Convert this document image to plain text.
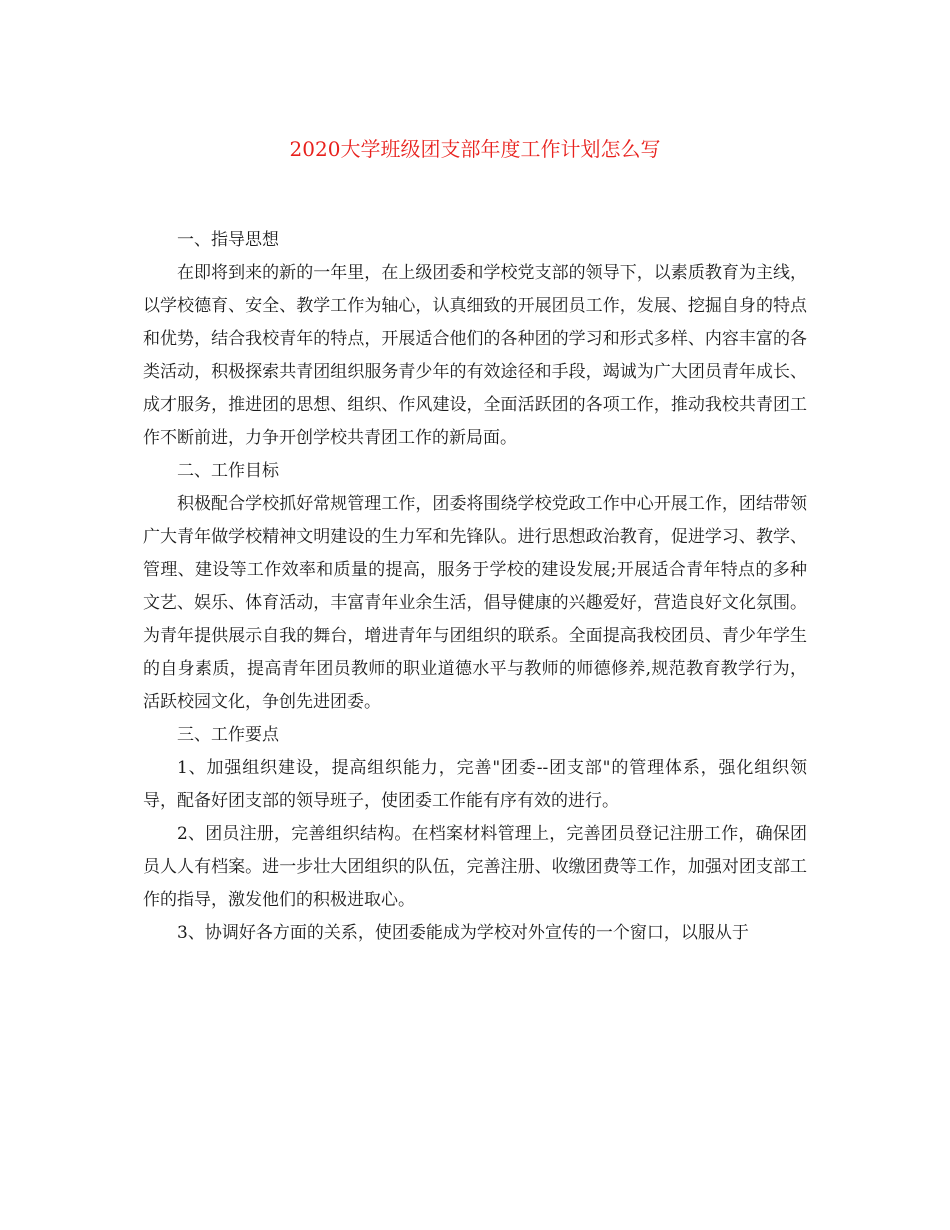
2020大学班级团支部年度工作计划怎么写

一、指导思想

在即将到来的新的一年里，在上级团委和学校党支部的领导下，以素质教育为主线，以学校德育、安全、教学工作为轴心，认真细致的开展团员工作，发展、挖掘自身的特点和优势，结合我校青年的特点，开展适合他们的各种团的学习和形式多样、内容丰富的各类活动，积极探索共青团组织服务青少年的有效途径和手段，竭诚为广大团员青年成长、成才服务，推进团的思想、组织、作风建设，全面活跃团的各项工作，推动我校共青团工作不断前进，力争开创学校共青团工作的新局面。

二、工作目标

积极配合学校抓好常规管理工作，团委将围绕学校党政工作中心开展工作，团结带领广大青年做学校精神文明建设的生力军和先锋队。进行思想政治教育，促进学习、教学、管理、建设等工作效率和质量的提高，服务于学校的建设发展;开展适合青年特点的多种文艺、娱乐、体育活动，丰富青年业余生活，倡导健康的兴趣爱好，营造良好文化氛围。为青年提供展示自我的舞台，增进青年与团组织的联系。全面提高我校团员、青少年学生的自身素质，提高青年团员教师的职业道德水平与教师的师德修养,规范教育教学行为，活跃校园文化，争创先进团委。

三、工作要点

1、加强组织建设，提高组织能力，完善"团委--团支部"的管理体系，强化组织领导，配备好团支部的领导班子，使团委工作能有序有效的进行。

2、团员注册，完善组织结构。在档案材料管理上，完善团员登记注册工作，确保团员人人有档案。进一步壮大团组织的队伍，完善注册、收缴团费等工作，加强对团支部工作的指导，激发他们的积极进取心。

3、协调好各方面的关系，使团委能成为学校对外宣传的一个窗口，以服从于
